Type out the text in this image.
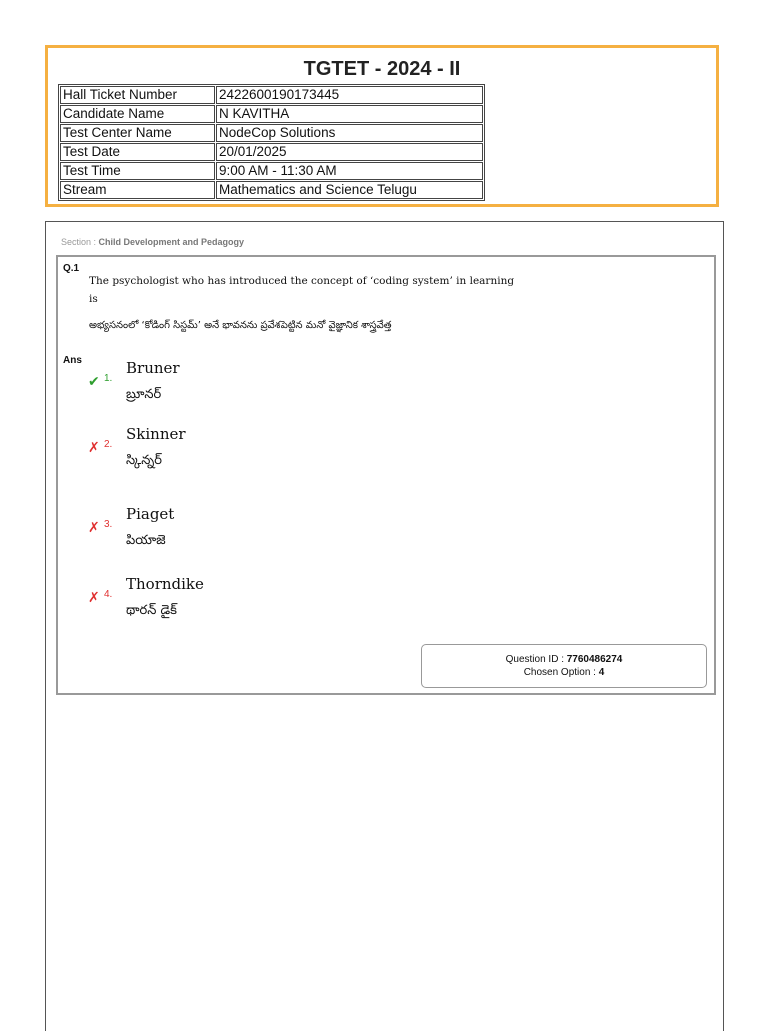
TGTET - 2024 - II
Hall Ticket Number	2422600190173445
Candidate Name	N KAVITHA
Test Center Name	NodeCop Solutions
Test Date	20/01/2025
Test Time	9:00 AM - 11:30 AM
Stream	Mathematics and Science Telugu
Section : Child Development and Pedagogy
Q.1
The psychologist who has introduced the concept of ‘coding system’ in learning
is
అభ్యసనంలో ‘కోడింగ్ సిస్టమ్’ అనే భావనను ప్రవేశపెట్టిన మనో వైజ్ఞానిక శాస్త్రవేత్త
Ans
✔ 1.
Bruner
బ్రూనర్
✗ 2.
Skinner
స్కిన్నర్
✗ 3.
Piaget
పియాజె
✗ 4.
Thorndike
థారన్ డైక్
Question ID : 7760486274
Chosen Option : 4
